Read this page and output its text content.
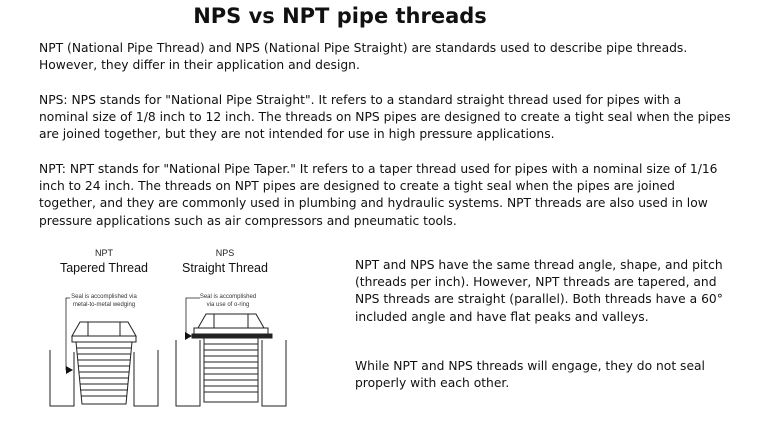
NPS vs NPT pipe threads
NPT (National Pipe Thread) and NPS (National Pipe Straight) are standards used to describe pipe threads. However, they differ in their application and design.
NPS: NPS stands for "National Pipe Straight". It refers to a standard straight thread used for pipes with a nominal size of 1/8 inch to 12 inch. The threads on NPS pipes are designed to create a tight seal when the pipes are joined together, but they are not intended for use in high pressure applications.
NPT: NPT stands for "National Pipe Taper." It refers to a taper thread used for pipes with a nominal size of 1/16 inch to 24 inch. The threads on NPT pipes are designed to create a tight seal when the pipes are joined together, and they are commonly used in plumbing and hydraulic systems. NPT threads are also used in low pressure applications such as air compressors and pneumatic tools.
NPT
Tapered Thread
Seal is accomplished via
metal-to-metal wedging
NPS
Straight Thread
Seal is accomplished
via use of o-ring
NPT and NPS have the same thread angle, shape, and pitch (threads per inch). However, NPT threads are tapered, and NPS threads are straight (parallel). Both threads have a 60° included angle and have flat peaks and valleys.
While NPT and NPS threads will engage, they do not seal properly with each other.
